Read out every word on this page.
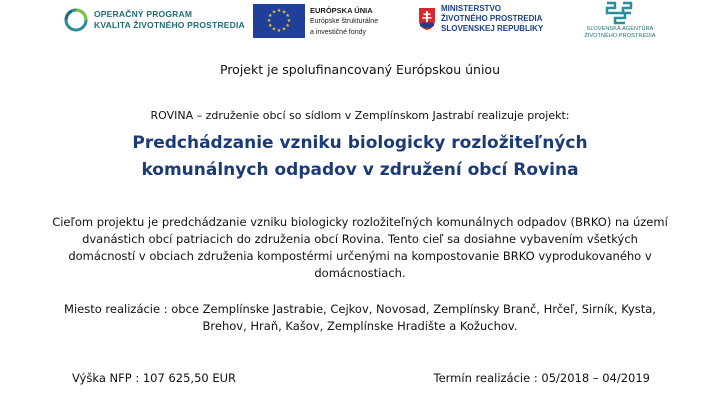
OPERAČNÝ PROGRAM
KVALITA ŽIVOTNÉHO PROSTREDIA
★ ★
★
★
★
★
★
★
★
★
★
★	EURÓPSKA ÚNIA
Európske štrukturálne
a investičné fondy
MINISTERSTVO
ŽIVOTNÉHO PROSTREDIA
SLOVENSKEJ REPUBLIKY	SLOVENSKÁ AGENTÚRA
ŽIVOTNÉHO PROSTREDIA
Projekt je spolufinancovaný Európskou úniou
ROVINA – združenie obcí so sídlom v Zemplínskom Jastrabí realizuje projekt:
Predchádzanie vzniku biologicky rozložiteľných komunálnych odpadov v združení obcí Rovina
Cieľom projektu je predchádzanie vzniku biologicky rozložiteľných komunálnych odpadov (BRKO) na území dvanástich obcí patriacich do združenia obcí Rovina. Tento cieľ sa dosiahne vybavením všetkých domácností v obciach združenia kompostérmi určenými na kompostovanie BRKO vyprodukovaného v domácnostiach.
Miesto realizácie : obce Zemplínske Jastrabie, Cejkov, Novosad, Zemplínsky Branč, Hrčeľ, Sirník, Kysta, Brehov, Hraň, Kašov, Zemplínske Hradište a Kožuchov.
Výška NFP : 107 625,50 EUR	Termín realizácie : 05/2018 – 04/2019
